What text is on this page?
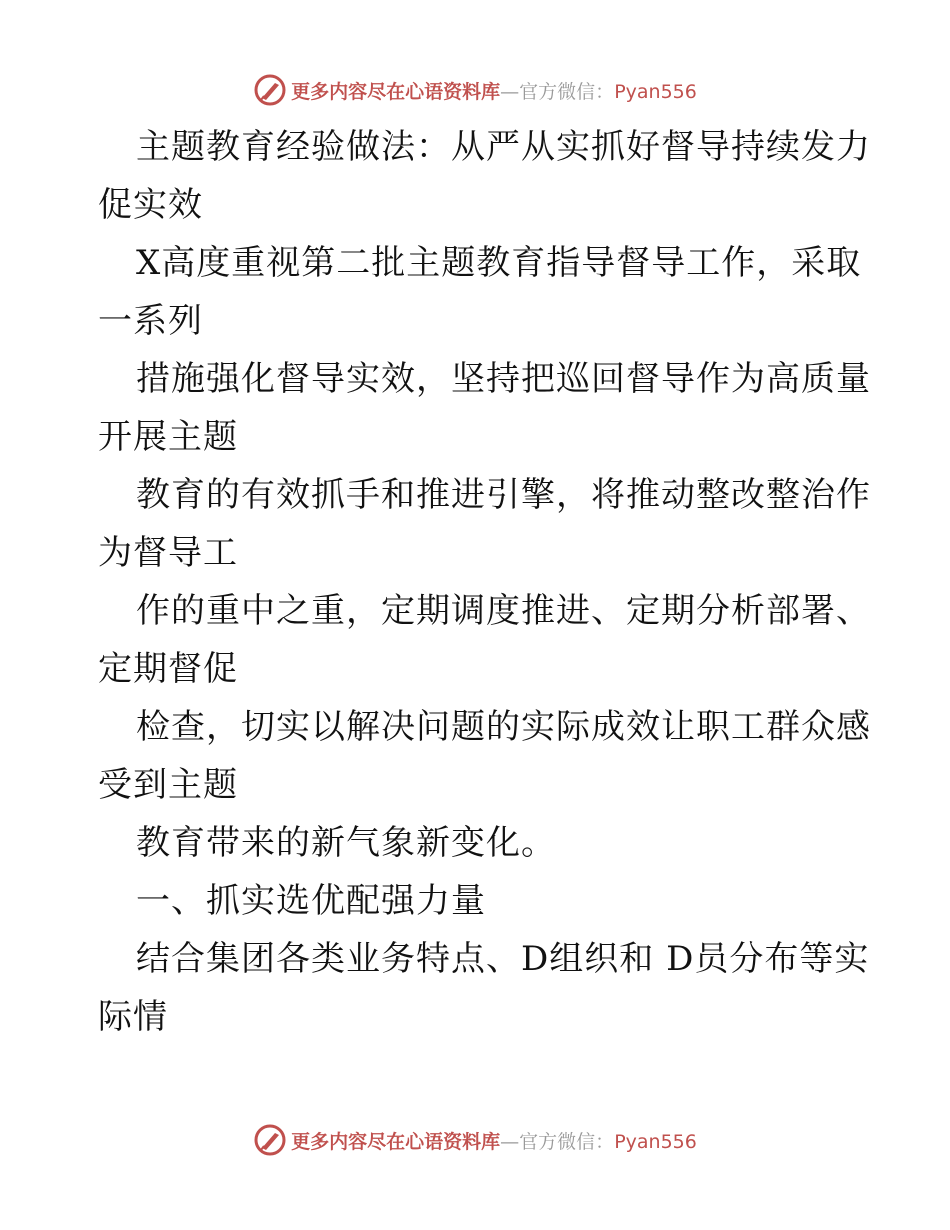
更多内容尽在心语资料库—官方微信：Pyan556
主题教育经验做法：从严从实抓好督导持续发力
促实效
X高度重视第二批主题教育指导督导工作，采取
一系列
措施强化督导实效，坚持把巡回督导作为高质量
开展主题
教育的有效抓手和推进引擎，将推动整改整治作
为督导工
作的重中之重，定期调度推进、定期分析部署、
定期督促
检查，切实以解决问题的实际成效让职工群众感
受到主题
教育带来的新气象新变化。
一、抓实选优配强力量
结合集团各类业务特点、D组织和 D员分布等实
际情
更多内容尽在心语资料库—官方微信：Pyan556
